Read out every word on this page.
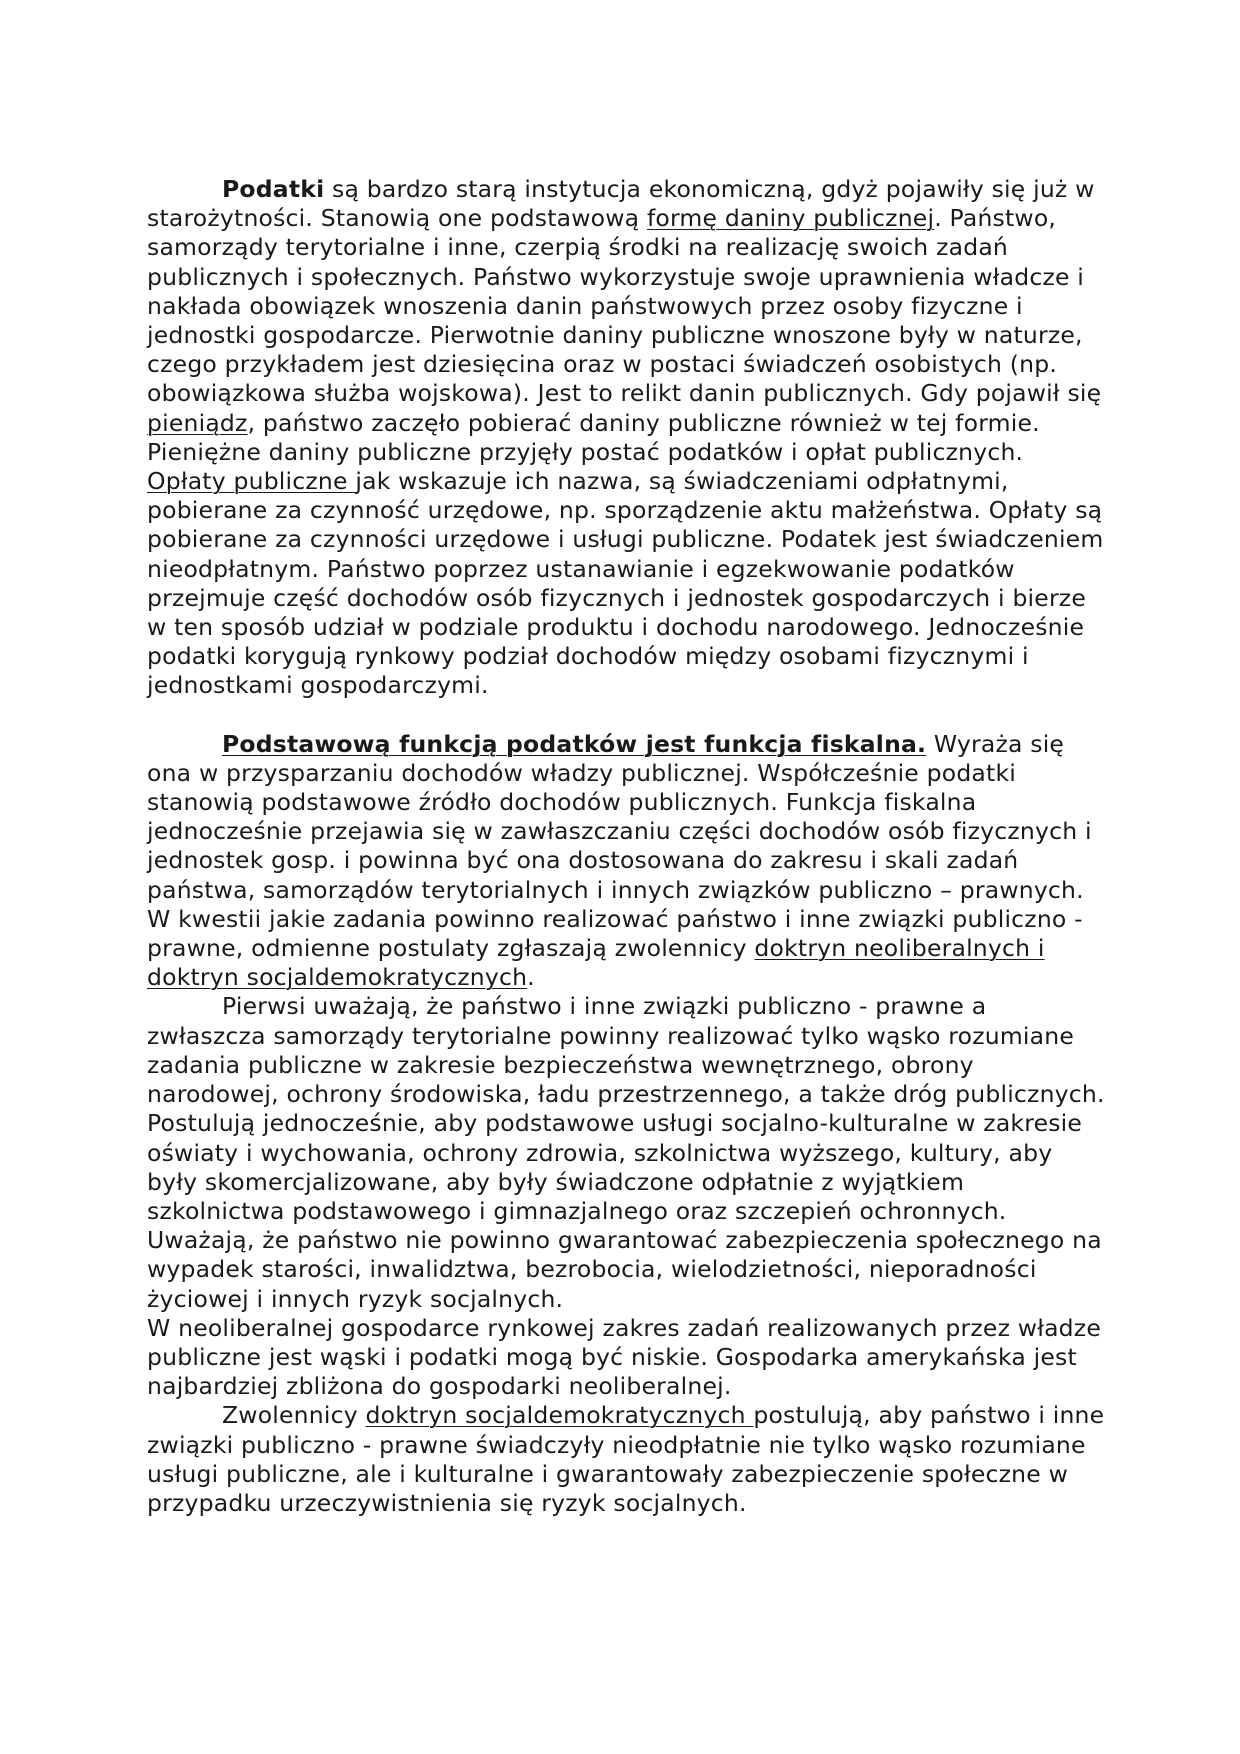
Podatki są bardzo starą instytucja ekonomiczną, gdyż pojawiły się już w starożytności. Stanowią one podstawową formę daniny publicznej. Państwo, samorządy terytorialne i inne, czerpią środki na realizację swoich zadań publicznych i społecznych. Państwo wykorzystuje swoje uprawnienia władcze i nakłada obowiązek wnoszenia danin państwowych przez osoby fizyczne i jednostki gospodarcze. Pierwotnie daniny publiczne wnoszone były w naturze, czego przykładem jest dziesięcina oraz w postaci świadczeń osobistych (np. obowiązkowa służba wojskowa). Jest to relikt danin publicznych. Gdy pojawił się pieniądz, państwo zaczęło pobierać daniny publiczne również w tej formie. Pieniężne daniny publiczne przyjęły postać podatków i opłat publicznych.

Opłaty publiczne jak wskazuje ich nazwa, są świadczeniami odpłatnymi, pobierane za czynność urzędowe, np. sporządzenie aktu małżeństwa. Opłaty są pobierane za czynności urzędowe i usługi publiczne. Podatek jest świadczeniem nieodpłatnym. Państwo poprzez ustanawianie i egzekwowanie podatków przejmuje część dochodów osób fizycznych i jednostek gospodarczych i bierze w ten sposób udział w podziale produktu i dochodu narodowego. Jednocześnie podatki korygują rynkowy podział dochodów między osobami fizycznymi i jednostkami gospodarczymi.

Podstawową funkcją podatków jest funkcja fiskalna. Wyraża się ona w przysparzaniu dochodów władzy publicznej. Współcześnie podatki stanowią podstawowe źródło dochodów publicznych. Funkcja fiskalna jednocześnie przejawia się w zawłaszczaniu części dochodów osób fizycznych i jednostek gosp. i powinna być ona dostosowana do zakresu i skali zadań państwa, samorządów terytorialnych i innych związków publiczno – prawnych. W kwestii jakie zadania powinno realizować państwo i inne związki publiczno -prawne, odmienne postulaty zgłaszają zwolennicy doktryn neoliberalnych i doktryn socjaldemokratycznych.

Pierwsi uważają, że państwo i inne związki publiczno - prawne a zwłaszcza samorządy terytorialne powinny realizować tylko wąsko rozumiane zadania publiczne w zakresie bezpieczeństwa wewnętrznego, obrony narodowej, ochrony środowiska, ładu przestrzennego, a także dróg publicznych. Postulują jednocześnie, aby podstawowe usługi socjalno-kulturalne w zakresie oświaty i wychowania, ochrony zdrowia, szkolnictwa wyższego, kultury, aby były skomercjalizowane, aby były świadczone odpłatnie z wyjątkiem szkolnictwa podstawowego i gimnazjalnego oraz szczepień ochronnych. Uważają, że państwo nie powinno gwarantować zabezpieczenia społecznego na wypadek starości, inwalidztwa, bezrobocia, wielodzietności, nieporadności życiowej i innych ryzyk socjalnych.

W neoliberalnej gospodarce rynkowej zakres zadań realizowanych przez władze publiczne jest wąski i podatki mogą być niskie. Gospodarka amerykańska jest najbardziej zbliżona do gospodarki neoliberalnej.

Zwolennicy doktryn socjaldemokratycznych postulują, aby państwo i inne związki publiczno - prawne świadczyły nieodpłatnie nie tylko wąsko rozumiane usługi publiczne, ale i kulturalne i gwarantowały zabezpieczenie społeczne w przypadku urzeczywistnienia się ryzyk socjalnych.
